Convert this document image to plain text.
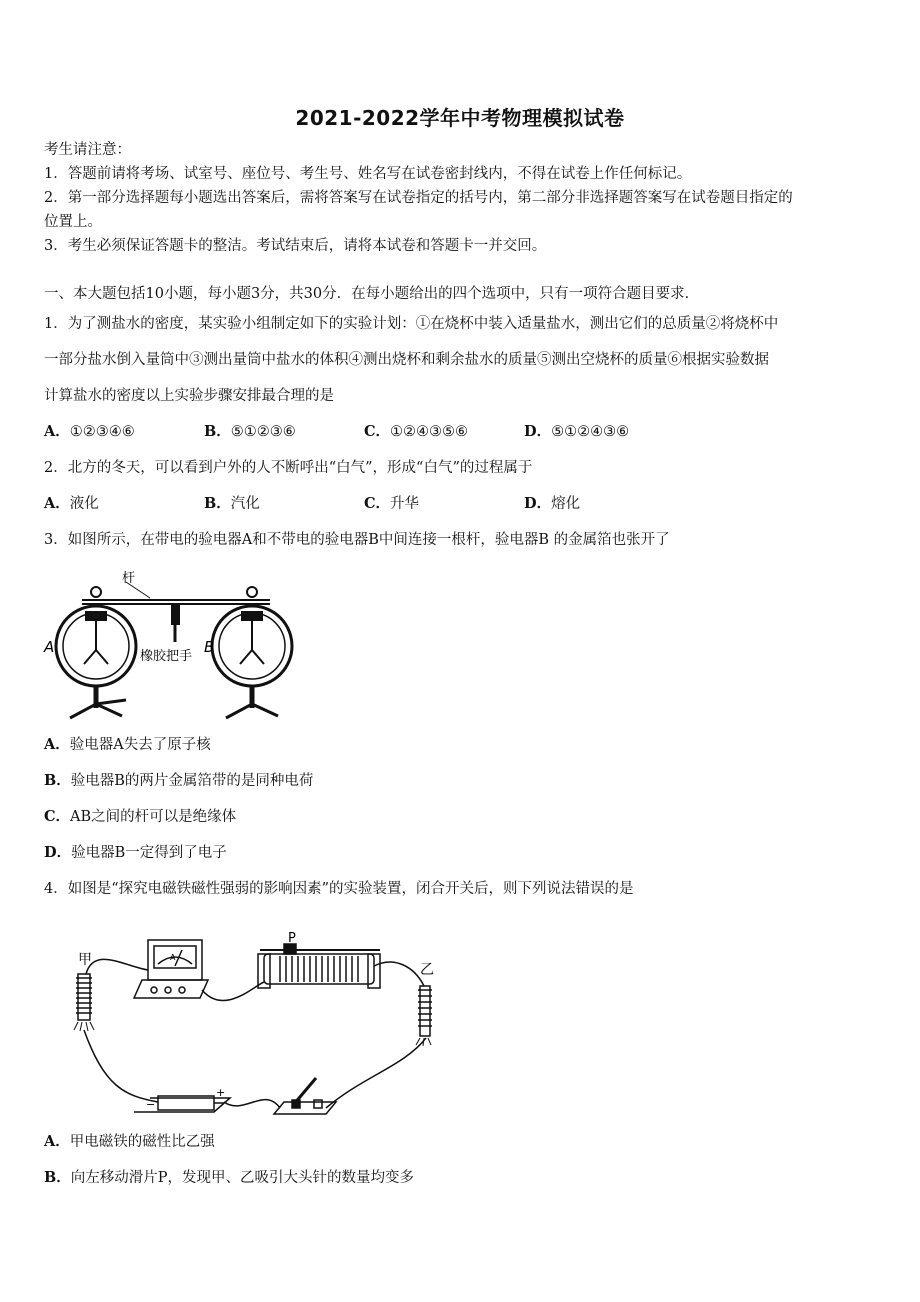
2021-2022学年中考物理模拟试卷
考生请注意：
1．答题前请将考场、试室号、座位号、考生号、姓名写在试卷密封线内，不得在试卷上作任何标记。
2．第一部分选择题每小题选出答案后，需将答案写在试卷指定的括号内，第二部分非选择题答案写在试卷题目指定的
位置上。
3．考生必须保证答题卡的整洁。考试结束后，请将本试卷和答题卡一并交回。
一、本大题包括10小题，每小题3分，共30分．在每小题给出的四个选项中，只有一项符合题目要求．
1．为了测盐水的密度，某实验小组制定如下的实验计划：①在烧杯中装入适量盐水，测出它们的总质量②将烧杯中
一部分盐水倒入量筒中③测出量筒中盐水的体积④测出烧杯和剩余盐水的质量⑤测出空烧杯的质量⑥根据实验数据
计算盐水的密度以上实验步骤安排最合理的是
A．①②③④⑥	B．⑤①②③⑥	C．①②④③⑤⑥	D．⑤①②④③⑥
2．北方的冬天，可以看到户外的人不断呼出“白气”，形成“白气”的过程属于
A．液化	B．汽化	C．升华	D．熔化
3．如图所示，在带电的验电器A和不带电的验电器B中间连接一根杆，验电器B 的金属箔也张开了
杆
A	B
橡胶把手
A．验电器A失去了原子核
B．验电器B的两片金属箔带的是同种电荷
C．AB之间的杆可以是绝缘体
D．验电器B一定得到了电子
4．如图是“探究电磁铁磁性强弱的影响因素”的实验装置，闭合开关后，则下列说法错误的是
甲
乙
P
A
−
+
A．甲电磁铁的磁性比乙强
B．向左移动滑片P，发现甲、乙吸引大头针的数量均变多
